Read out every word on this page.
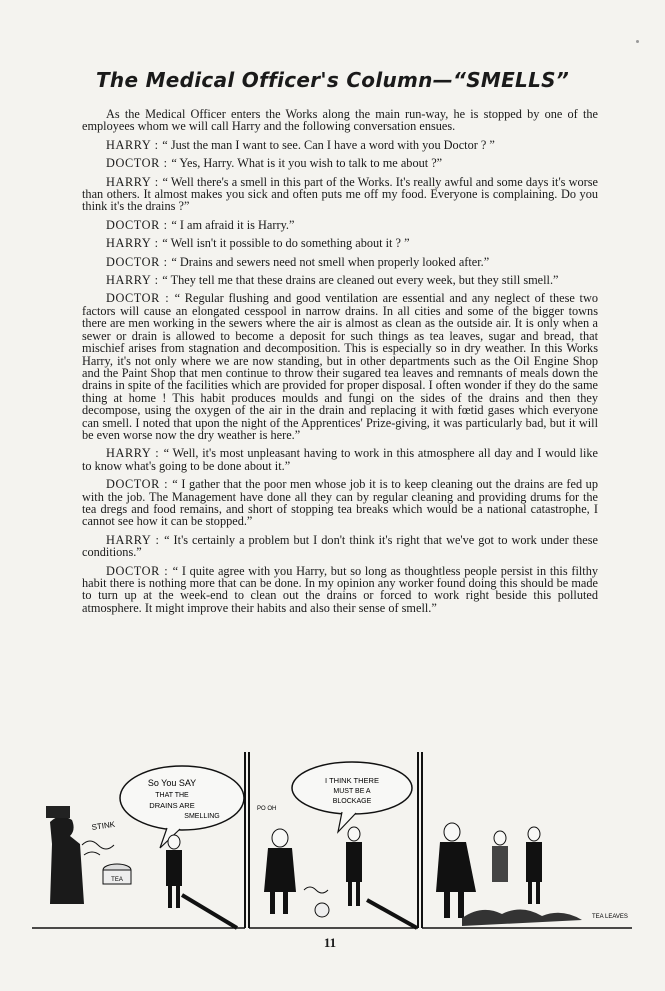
The Medical Officer's Column—“SMELLS”

As the Medical Officer enters the Works along the main run-way, he is stopped by one of the employees whom we will call Harry and the following conversation ensues.

HARRY : “ Just the man I want to see. Can I have a word with you Doctor ? ”

DOCTOR : “ Yes, Harry. What is it you wish to talk to me about ?”

HARRY : “ Well there's a smell in this part of the Works. It's really awful and some days it's worse than others. It almost makes you sick and often puts me off my food. Everyone is complaining. Do you think it's the drains ?”

DOCTOR : “ I am afraid it is Harry.”

HARRY : “ Well isn't it possible to do something about it ? ”

DOCTOR : “ Drains and sewers need not smell when properly looked after.”

HARRY : “ They tell me that these drains are cleaned out every week, but they still smell.”

DOCTOR : “ Regular flushing and good ventilation are essential and any neglect of these two factors will cause an elongated cesspool in narrow drains. In all cities and some of the bigger towns there are men working in the sewers where the air is almost as clean as the outside air. It is only when a sewer or drain is allowed to become a deposit for such things as tea leaves, sugar and bread, that mischief arises from stagnation and decomposition. This is especially so in dry weather. In this Works Harry, it's not only where we are now standing, but in other departments such as the Oil Engine Shop and the Paint Shop that men continue to throw their sugared tea leaves and remnants of meals down the drains in spite of the facilities which are provided for proper disposal. I often wonder if they do the same thing at home ! This habit produces moulds and fungi on the sides of the drains and then they decompose, using the oxygen of the air in the drain and replacing it with fœtid gases which everyone can smell. I noted that upon the night of the Apprentices' Prize-giving, it was particularly bad, but it will be even worse now the dry weather is here.”

HARRY : “ Well, it's most unpleasant having to work in this atmosphere all day and I would like to know what's going to be done about it.”

DOCTOR : “ I gather that the poor men whose job it is to keep cleaning out the drains are fed up with the job. The Management have done all they can by regular cleaning and providing drums for the tea dregs and food remains, and short of stopping tea breaks which would be a national catastrophe, I cannot see how it can be stopped.”

HARRY : “ It's certainly a problem but I don't think it's right that we've got to work under these conditions.”

DOCTOR : “ I quite agree with you Harry, but so long as thoughtless people persist in this filthy habit there is nothing more that can be done. In my opinion any worker found doing this should be made to turn up at the week-end to clean out the drains or forced to work right beside this polluted atmosphere. It might improve their habits and also their sense of smell.”

So You SAY
THAT THE
DRAINS ARE
SMELLING
STINK
TEA
I THINK THERE
MUST BE A
BLOCKAGE
PO OH
TEA LEAVES
11
